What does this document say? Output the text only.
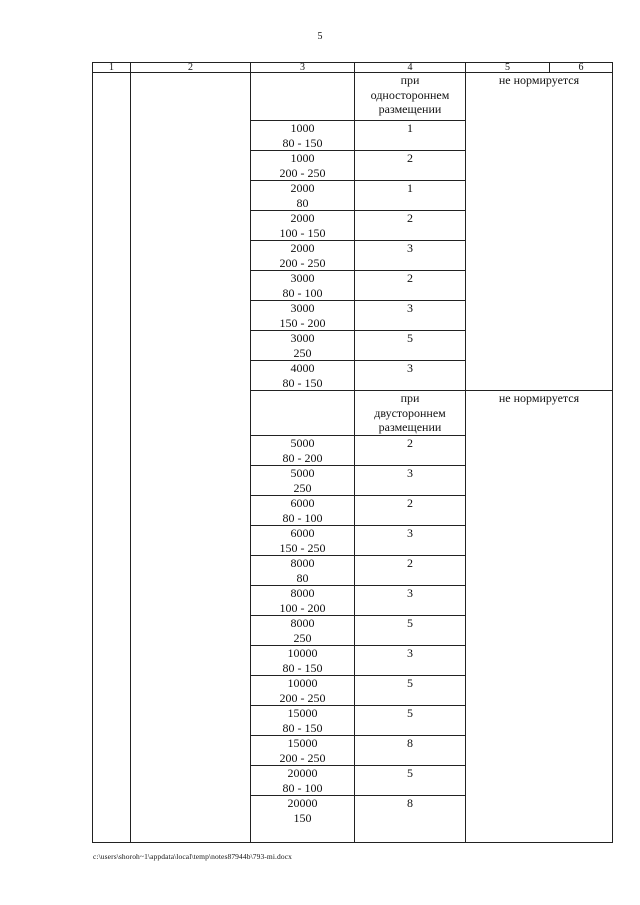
5
1	2	3	4	5	6

			при
одностороннем
размещении	не нормируется	

		1000
80 - 150	1		

		1000
200 - 250	2		

		2000
80	1		

		2000
100 - 150	2		

		2000
200 - 250	3		

		3000
80 - 100	2		

		3000
150 - 200	3		

		3000
250	5		

		4000
80 - 150	3		

			при
двустороннем
размещении	не нормируется	

		5000
80 - 200	2		

		5000
250	3		

		6000
80 - 100	2		

		6000
150 - 250	3		

		8000
80	2		

		8000
100 - 200	3		

		8000
250	5		

		10000
80 - 150	3		

		10000
200 - 250	5		

		15000
80 - 150	5		

		15000
200 - 250	8		

		20000
80 - 100	5		

		20000
150	8		
c:\users\shoroh~1\appdata\local\temp\notes87944b\793-mi.docx
